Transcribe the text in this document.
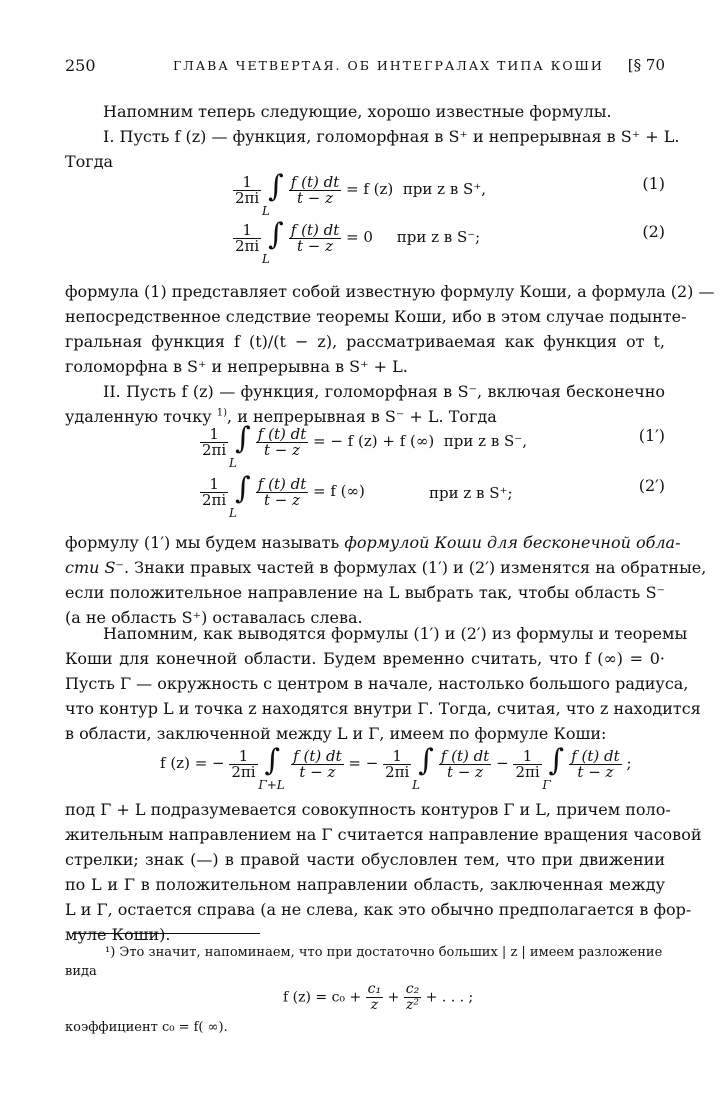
250	ГЛАВА ЧЕТВЕРТАЯ. ОБ ИНТЕГРАЛАХ ТИПА КОШИ [§ 70
Напомним теперь следующие, хорошо известные формулы.
I. Пусть f (z) — функция, голоморфная в S⁺ и непрерывная в S⁺ + L.
Тогда
$\frac{1}{2\pi i}$
∫
L

$\frac{f (t) dt}{t - z} = f$ (z) при z в S⁺,	(1)
$\frac{1}{2\pi i}$
∫
L

$\frac{f (t) dt}{t - z} = 0$ при z в S⁻;	(2)
формула (1) представляет собой известную формулу Коши, а формула (2) —
непосредственное следствие теоремы Коши, ибо в этом случае подынте-
гральная функция f (t)/(t − z), рассматриваемая как функция от t,
голоморфна в S⁺ и непрерывна в S⁺ + L.
II. Пусть f (z) — функция, голоморфная в S⁻, включая бесконечно
удаленную точку $^{1)}$, и непрерывная в S⁻ + L. Тогда
$\frac{1}{2\pi i}$
∫
L

$\frac{f (t) dt}{t - z}$ = − f (z) + f (∞) при z в S⁻,	(1′)
$\frac{1}{2\pi i}$
∫
L

$\frac{f (t) dt}{t - z} = f$ (∞)	при z в S⁺;	(2′)
формулу (1′) мы будем называть формулой Коши для бесконечной обла-
сти S⁻. Знаки правых частей в формулах (1′) и (2′) изменятся на обратные,
если положительное направление на L выбрать так, чтобы область S⁻
(а не область S⁺) оставалась слева.
Напомним, как выводятся формулы (1′) и (2′) из формулы и теоремы
Коши для конечной области. Будем временно считать, что f (∞) = 0·
Пусть Γ — окружность с центром в начале, настолько большого радиуса,
что контур L и точка z находятся внутри Γ. Тогда, считая, что z находится
в области, заключенной между L и Γ, имеем по формуле Коши:
f (z) = − $\frac{1}{2\pi i}$
∫
Γ+L

$\frac{f (t) dt}{t - z}$ = − $\frac{1}{2\pi i}$
∫
L

$\frac{f (t) dt}{t - z} - \frac{1}{2\pi i}$
∫
Γ

$\frac{f (t) dt}{t - z}$ ;
под Γ + L подразумевается совокупность контуров Γ и L, причем поло-
жительным направлением на Γ считается направление вращения часовой
стрелки; знак (—) в правой части обусловлен тем, что при движении
по L и Γ в положительном направлении область, заключенная между
L и Γ, остается справа (а не слева, как это обычно предполагается в фор-
муле Коши).
¹) Это значит, напоминаем, что при достаточно больших | z | имеем разложение
вида
f $(z) = c_0 + \frac{\text{c₁}}{z} + \frac{\text{c₂}}{\text{z²}}$ + . . . ;
коэффициент c₀ = f( ∞).
